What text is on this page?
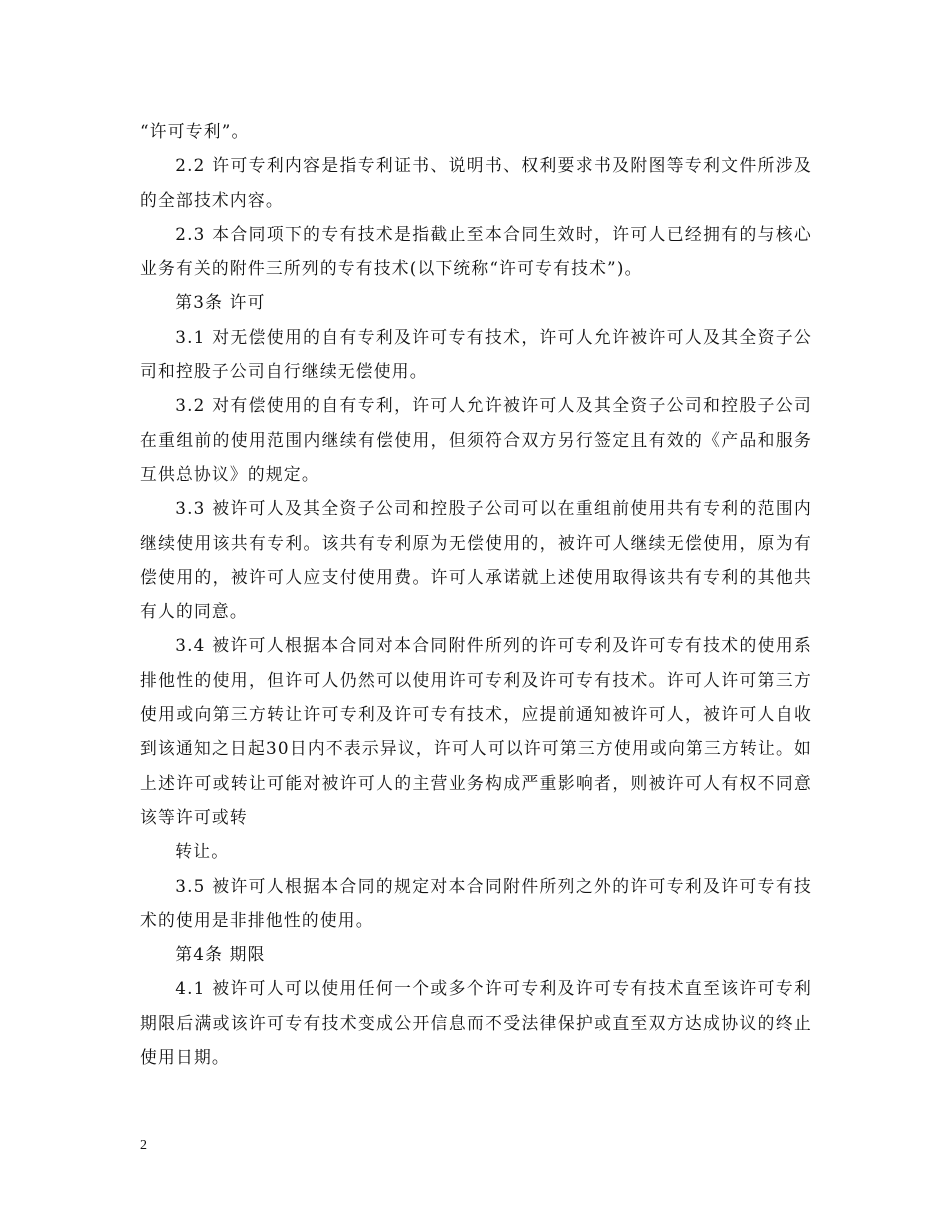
“许可专利”。

2.2 许可专利内容是指专利证书、说明书、权利要求书及附图等专利文件所涉及的全部技术内容。

2.3 本合同项下的专有技术是指截止至本合同生效时，许可人已经拥有的与核心业务有关的附件三所列的专有技术(以下统称“许可专有技术”)。

第3条 许可

3.1 对无偿使用的自有专利及许可专有技术，许可人允许被许可人及其全资子公司和控股子公司自行继续无偿使用。

3.2 对有偿使用的自有专利，许可人允许被许可人及其全资子公司和控股子公司在重组前的使用范围内继续有偿使用，但须符合双方另行签定且有效的《产品和服务互供总协议》的规定。

3.3 被许可人及其全资子公司和控股子公司可以在重组前使用共有专利的范围内继续使用该共有专利。该共有专利原为无偿使用的，被许可人继续无偿使用，原为有偿使用的，被许可人应支付使用费。许可人承诺就上述使用取得该共有专利的其他共有人的同意。

3.4 被许可人根据本合同对本合同附件所列的许可专利及许可专有技术的使用系排他性的使用，但许可人仍然可以使用许可专利及许可专有技术。许可人许可第三方使用或向第三方转让许可专利及许可专有技术，应提前通知被许可人，被许可人自收到该通知之日起30日内不表示异议，许可人可以许可第三方使用或向第三方转让。如上述许可或转让可能对被许可人的主营业务构成严重影响者，则被许可人有权不同意该等许可或转

转让。

3.5 被许可人根据本合同的规定对本合同附件所列之外的许可专利及许可专有技术的使用是非排他性的使用。

第4条 期限

4.1 被许可人可以使用任何一个或多个许可专利及许可专有技术直至该许可专利期限后满或该许可专有技术变成公开信息而不受法律保护或直至双方达成协议的终止使用日期。

2
